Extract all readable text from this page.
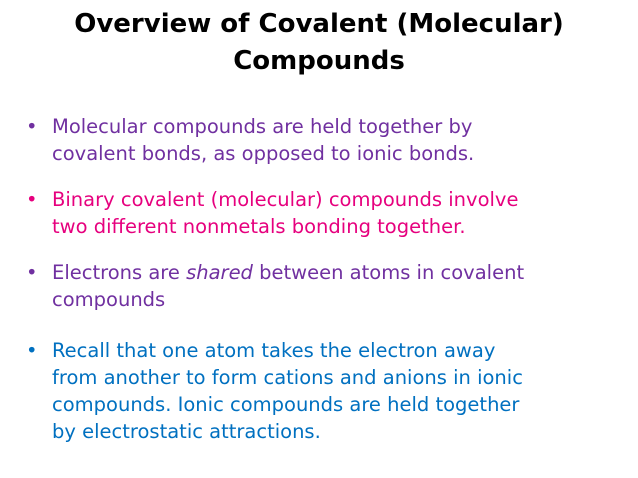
Overview of Covalent (Molecular)
Compounds
• Molecular compounds are held together by
covalent bonds, as opposed to ionic bonds.
• Binary covalent (molecular) compounds involve
two different nonmetals bonding together.
• Electrons are shared between atoms in covalent
compounds
• Recall that one atom takes the electron away
from another to form cations and anions in ionic
compounds. Ionic compounds are held together
by electrostatic attractions.
